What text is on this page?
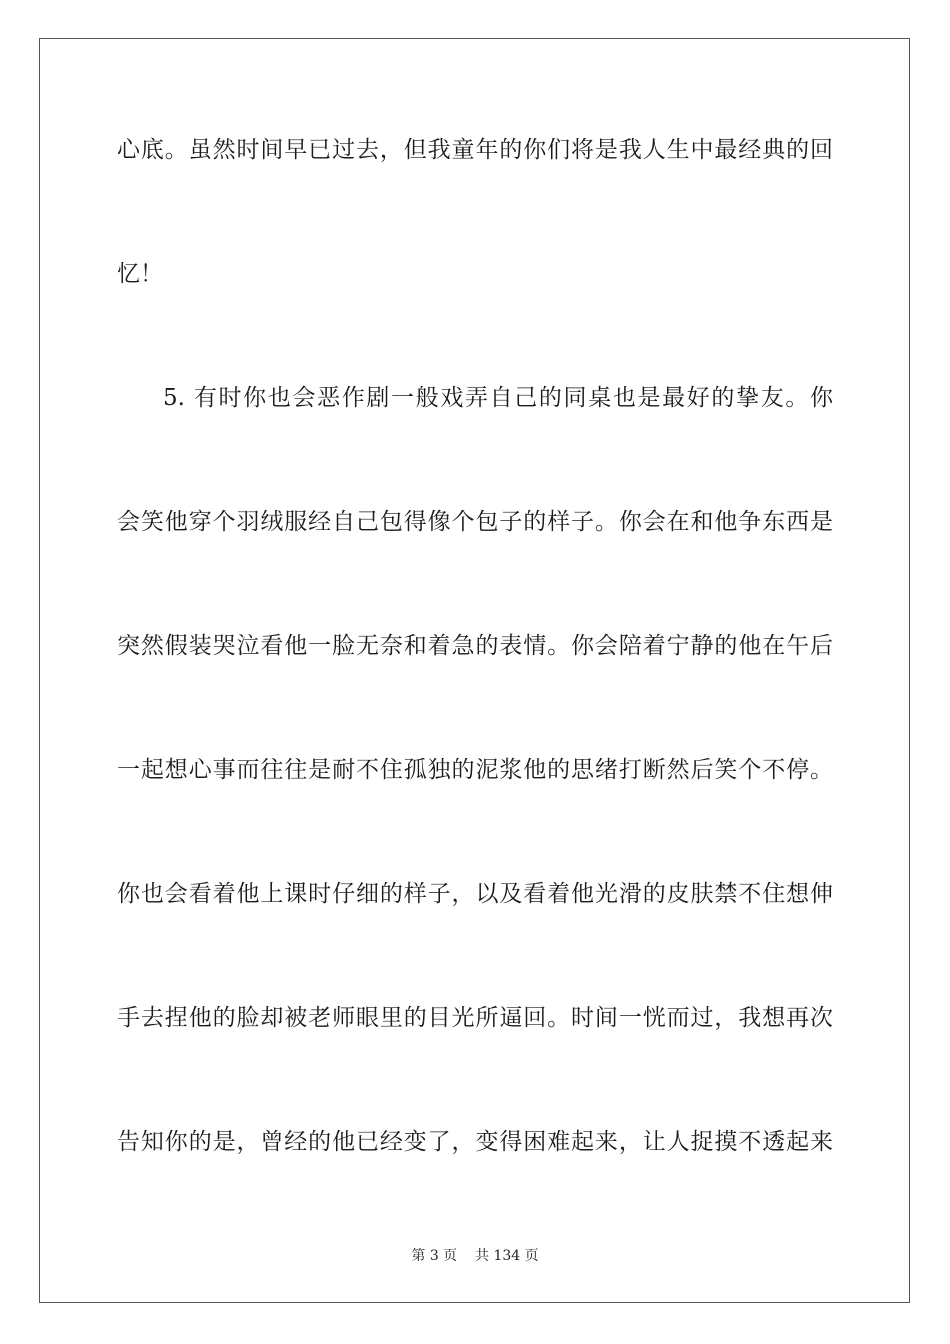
心底。虽然时间早已过去，但我童年的你们将是我人生中最经典的回
忆！
5. 有时你也会恶作剧一般戏弄自己的同桌也是最好的挚友。你
会笑他穿个羽绒服经自己包得像个包子的样子。你会在和他争东西是
突然假装哭泣看他一脸无奈和着急的表情。你会陪着宁静的他在午后
一起想心事而往往是耐不住孤独的泥浆他的思绪打断然后笑个不停。
你也会看着他上课时仔细的样子，以及看着他光滑的皮肤禁不住想伸
手去捏他的脸却被老师眼里的目光所逼回。时间一恍而过，我想再次
告知你的是，曾经的他已经变了，变得困难起来，让人捉摸不透起来
第 3 页 共 134 页
